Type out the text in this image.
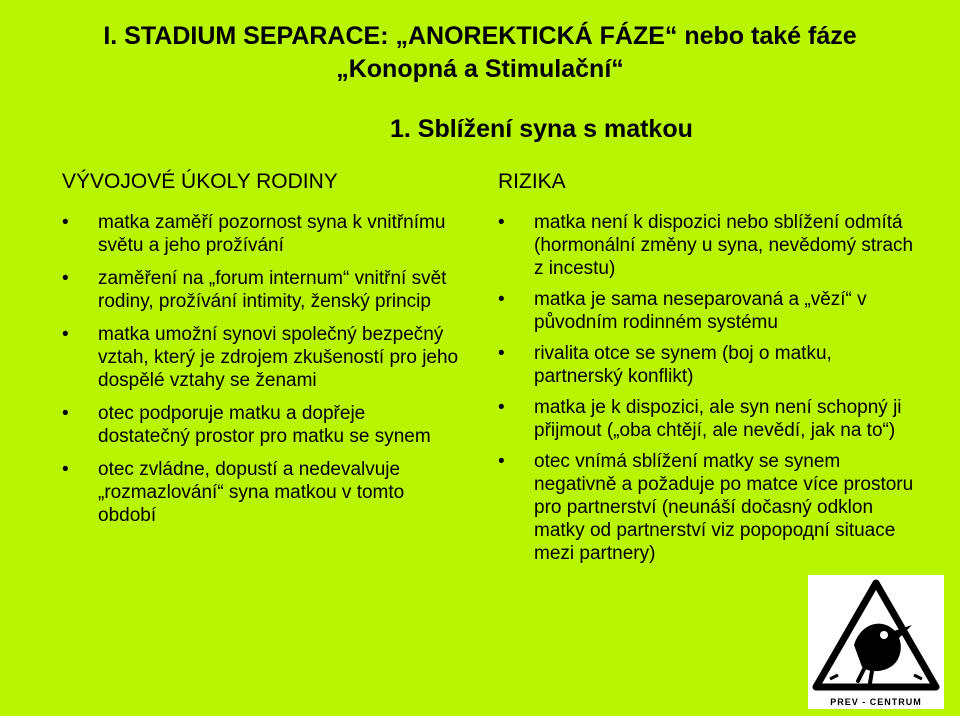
I. STADIUM SEPARACE: „ANOREKTICKÁ FÁZE“ nebo také fáze
„Konopná a Stimulační“
1. Sblížení syna s matkou
VÝVOJOVÉ ÚKOLY RODINY
• matka zaměří pozornost syna k vnitřnímu světu a jeho prožívání
• zaměření na „forum internum“ vnitřní svět rodiny, prožívání intimity, ženský princip
• matka umožní synovi společný bezpečný vztah, který je zdrojem zkušeností pro jeho dospělé vztahy se ženami
• otec podporuje matku a dopřeje dostatečný prostor pro matku se synem
• otec zvládne, dopustí a nedevalvuje „rozmazlování“ syna matkou v tomto období
RIZIKA
• matka není k dispozici nebo sblížení odmítá (hormonální změny u syna, nevědomý strach z incestu)
• matka je sama neseparovaná a „vězí“ v původním rodinném systému
• rivalita otce se synem (boj o matku, partnerský konflikt)
• matka je k dispozici, ale syn není schopný ji přijmout („oba chtějí, ale nevědí, jak na to“)
• otec vnímá sblížení matky se synem negativně a požaduje po matce více prostoru pro partnerství (neunáší dočasný odklon matky od partnerství viz popoродní situace mezi partnery)
PREV - CENTRUM
